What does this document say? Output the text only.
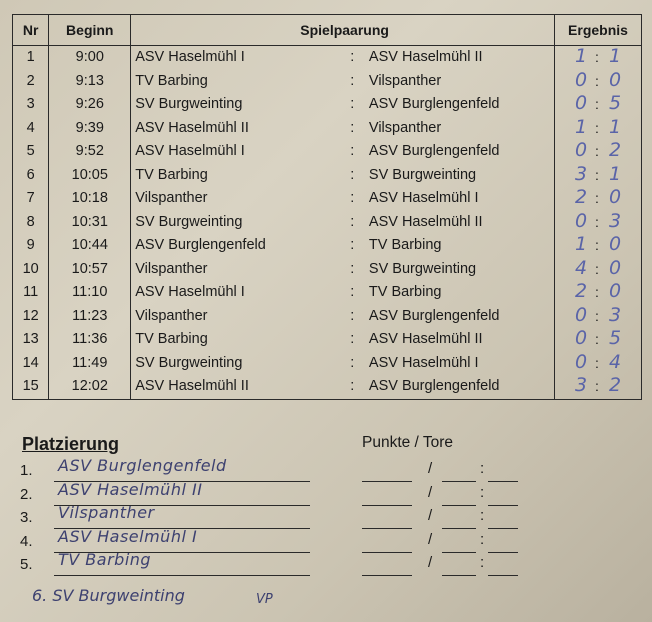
Nr	Beginn	Spielpaarung			Ergebnis
1	9:00	ASV Haselmühl I	:	ASV Haselmühl II	1 : 1

2	9:13	TV Barbing	:	Vilspanther	0 : 0

3	9:26	SV Burgweinting	:	ASV Burglengenfeld	0 : 5

4	9:39	ASV Haselmühl II	:	Vilspanther	1 : 1

5	9:52	ASV Haselmühl I	:	ASV Burglengenfeld	0 : 2

6	10:05	TV Barbing	:	SV Burgweinting	3 : 1

7	10:18	Vilspanther	:	ASV Haselmühl I	2 : 0

8	10:31	SV Burgweinting	:	ASV Haselmühl II	0 : 3

9	10:44	ASV Burglengenfeld	:	TV Barbing	1 : 0

10	10:57	Vilspanther	:	SV Burgweinting	4 : 0

11	11:10	ASV Haselmühl I	:	TV Barbing	2 : 0

12	11:23	Vilspanther	:	ASV Burglengenfeld	0 : 3

13	11:36	TV Barbing	:	ASV Haselmühl II	0 : 5

14	11:49	SV Burgweinting	:	ASV Haselmühl I	0 : 4

15	12:02	ASV Haselmühl II	:	ASV Burglengenfeld	3 : 2
Platzierung	Punkte / Tore
1. ASV Burglengenfeld	/	:
2. ASV Haselmühl II	/	:
3. Vilspanther	/	:
4. ASV Haselmühl I	/	:
5. TV Barbing	/	:
6. SV Burgweinting	VP
